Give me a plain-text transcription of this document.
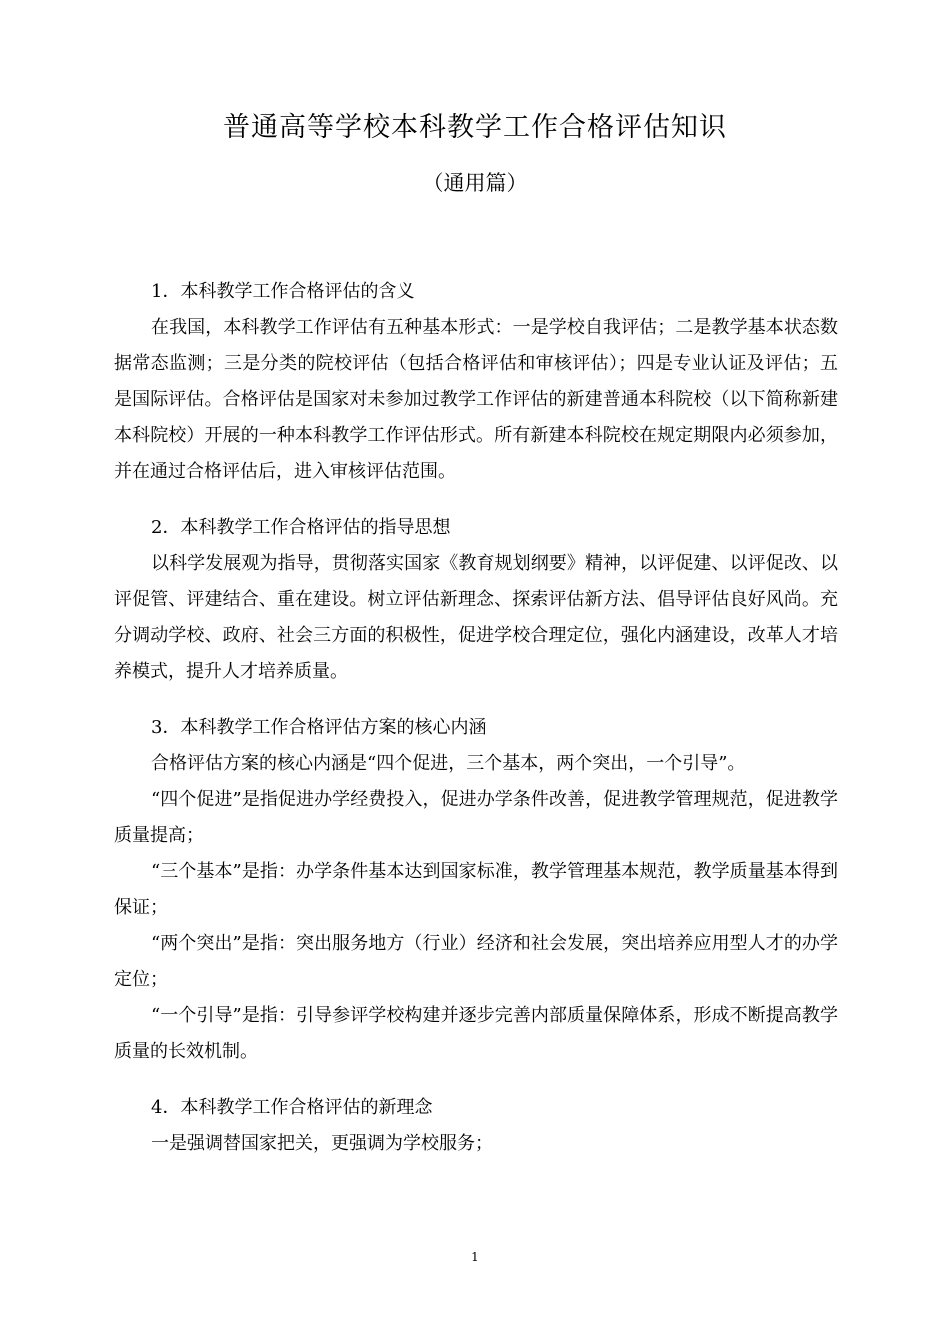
普通高等学校本科教学工作合格评估知识
（通用篇）

1．本科教学工作合格评估的含义

在我国，本科教学工作评估有五种基本形式：一是学校自我评估；二是教学基本状态数据常态监测；三是分类的院校评估（包括合格评估和审核评估）；四是专业认证及评估；五是国际评估。合格评估是国家对未参加过教学工作评估的新建普通本科院校（以下简称新建本科院校）开展的一种本科教学工作评估形式。所有新建本科院校在规定期限内必须参加，并在通过合格评估后，进入审核评估范围。

2．本科教学工作合格评估的指导思想

以科学发展观为指导，贯彻落实国家《教育规划纲要》精神，以评促建、以评促改、以评促管、评建结合、重在建设。树立评估新理念、探索评估新方法、倡导评估良好风尚。充分调动学校、政府、社会三方面的积极性，促进学校合理定位，强化内涵建设，改革人才培养模式，提升人才培养质量。

3．本科教学工作合格评估方案的核心内涵

合格评估方案的核心内涵是“四个促进，三个基本，两个突出，一个引导”。

“四个促进”是指促进办学经费投入，促进办学条件改善，促进教学管理规范，促进教学质量提高；

“三个基本”是指：办学条件基本达到国家标准，教学管理基本规范，教学质量基本得到保证；

“两个突出”是指：突出服务地方（行业）经济和社会发展，突出培养应用型人才的办学定位；

“一个引导”是指：引导参评学校构建并逐步完善内部质量保障体系，形成不断提高教学质量的长效机制。

4．本科教学工作合格评估的新理念

一是强调替国家把关，更强调为学校服务；

1
